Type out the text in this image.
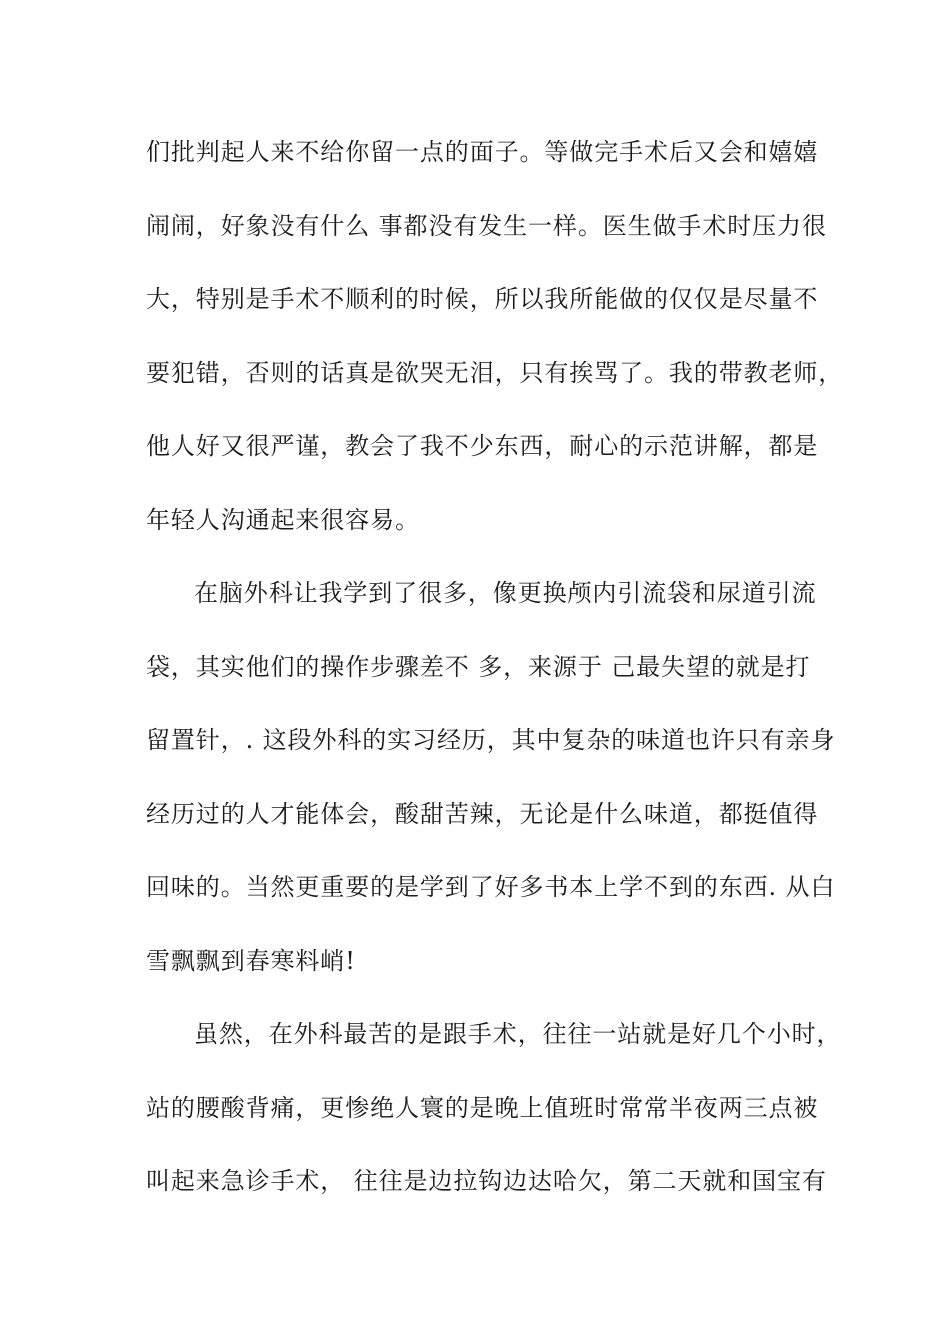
们批判起人来不给你留一点的面子。等做完手术后又会和嬉嬉
闹闹，好象没有什么 事都没有发生一样。医生做手术时压力很
大，特别是手术不顺利的时候，所以我所能做的仅仅是尽量不
要犯错，否则的话真是欲哭无泪，只有挨骂了。我的带教老师，
他人好又很严谨，教会了我不少东西，耐心的示范讲解，都是
年轻人沟通起来很容易。
在脑外科让我学到了很多，像更换颅内引流袋和尿道引流
袋，其实他们的操作步骤差不 多，来源于 己最失望的就是打
留置针，. 这段外科的实习经历，其中复杂的味道也许只有亲身
经历过的人才能体会，酸甜苦辣，无论是什么味道，都挺值得
回味的。当然更重要的是学到了好多书本上学不到的东西. 从白
雪飘飘到春寒料峭!
虽然，在外科最苦的是跟手术，往往一站就是好几个小时，
站的腰酸背痛，更惨绝人寰的是晚上值班时常常半夜两三点被
叫起来急诊手术， 往往是边拉钩边达哈欠，第二天就和国宝有
